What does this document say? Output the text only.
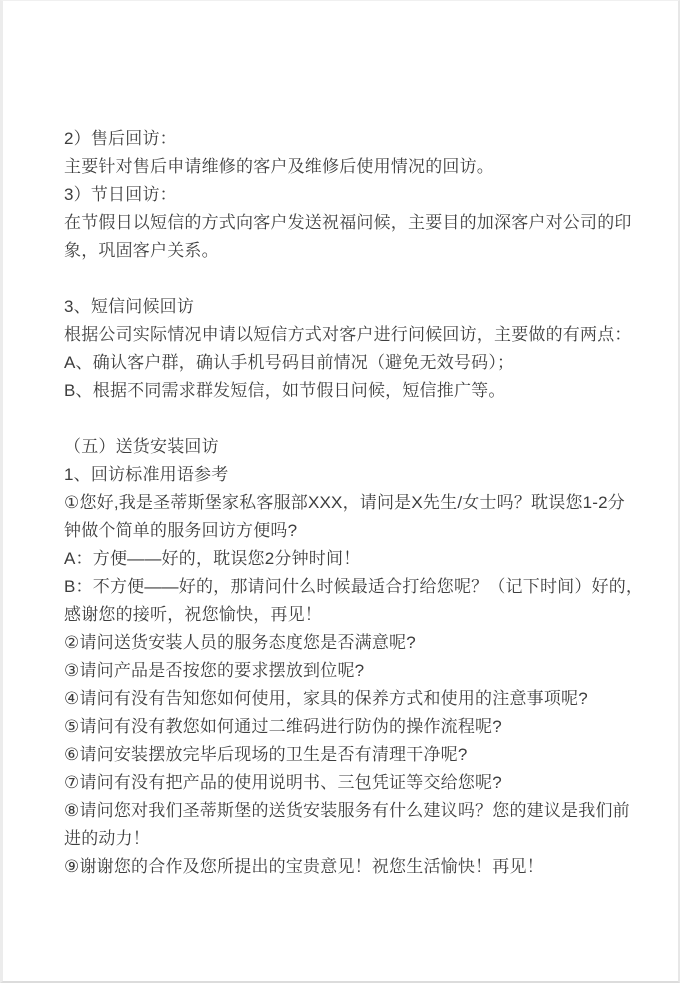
2）售后回访：
主要针对售后申请维修的客户及维修后使用情况的回访。
3）节日回访：
在节假日以短信的方式向客户发送祝福问候，主要目的加深客户对公司的印
象，巩固客户关系。
3、短信问候回访
根据公司实际情况申请以短信方式对客户进行问候回访，主要做的有两点：
A、确认客户群，确认手机号码目前情况（避免无效号码）；
B、根据不同需求群发短信，如节假日问候，短信推广等。
（五）送货安装回访
1、回访标准用语参考
①您好,我是圣蒂斯堡家私客服部XXX，请问是X先生/女士吗？耽误您1-2分
钟做个简单的服务回访方便吗?
A：方便——好的，耽误您2分钟时间！
B：不方便——好的，那请问什么时候最适合打给您呢？（记下时间）好的，
感谢您的接听，祝您愉快，再见！
②请问送货安装人员的服务态度您是否满意呢?
③请问产品是否按您的要求摆放到位呢?
④请问有没有告知您如何使用，家具的保养方式和使用的注意事项呢?
⑤请问有没有教您如何通过二维码进行防伪的操作流程呢?
⑥请问安装摆放完毕后现场的卫生是否有清理干净呢?
⑦请问有没有把产品的使用说明书、三包凭证等交给您呢?
⑧请问您对我们圣蒂斯堡的送货安装服务有什么建议吗？您的建议是我们前
进的动力！
⑨谢谢您的合作及您所提出的宝贵意见！祝您生活愉快！再见！
